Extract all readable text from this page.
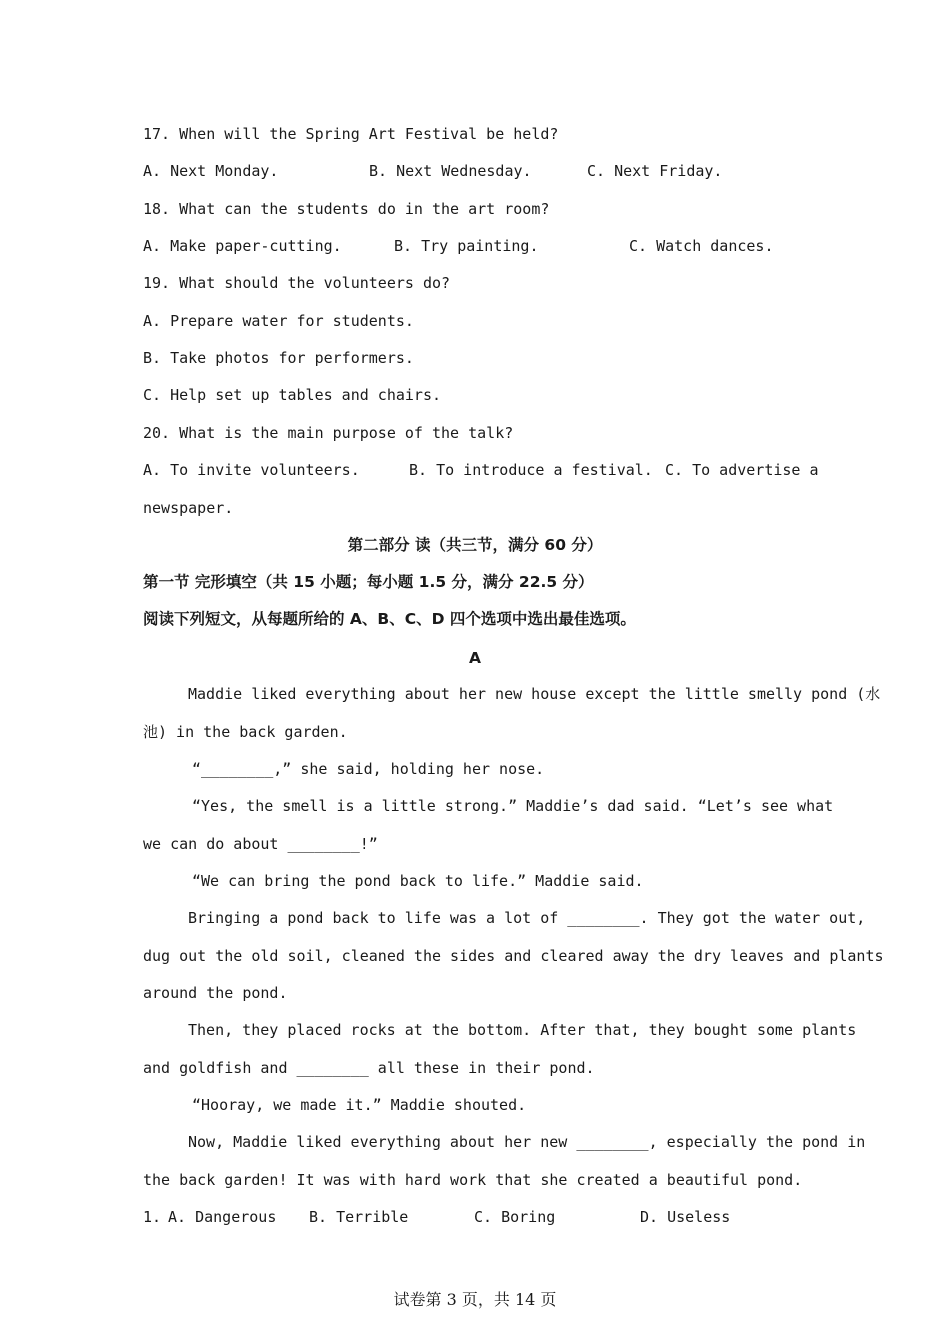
17. When will the Spring Art Festival be held?
A. Next Monday.	B. Next Wednesday.	C. Next Friday.
18. What can the students do in the art room?
A. Make paper-cutting.	B. Try painting.	C. Watch dances.
19. What should the volunteers do?
A. Prepare water for students.
B. Take photos for performers.
C. Help set up tables and chairs.
20. What is the main purpose of the talk?
A. To invite volunteers.	B. To introduce a festival. C. To advertise a
newspaper.
第二部分 读（共三节，满分 60 分）
第一节 完形填空（共 15 小题；每小题 1.5 分，满分 22.5 分）
阅读下列短文，从每题所给的 A、B、C、D 四个选项中选出最佳选项。
A
Maddie liked everything about her new house except the little smelly pond (水
池) in the back garden.
“________,” she said, holding her nose.
“Yes, the smell is a little strong.” Maddie’s dad said. “Let’s see what
we can do about ________!”
“We can bring the pond back to life.” Maddie said.
Bringing a pond back to life was a lot of ________. They got the water out,
dug out the old soil, cleaned the sides and cleared away the dry leaves and plants
around the pond.
Then, they placed rocks at the bottom. After that, they bought some plants
and goldfish and ________ all these in their pond.
“Hooray, we made it.” Maddie shouted.
Now, Maddie liked everything about her new ________, especially the pond in
the back garden! It was with hard work that she created a beautiful pond.
1. A. Dangerous B. Terrible	C. Boring	D. Useless
试卷第 3 页，共 14 页
